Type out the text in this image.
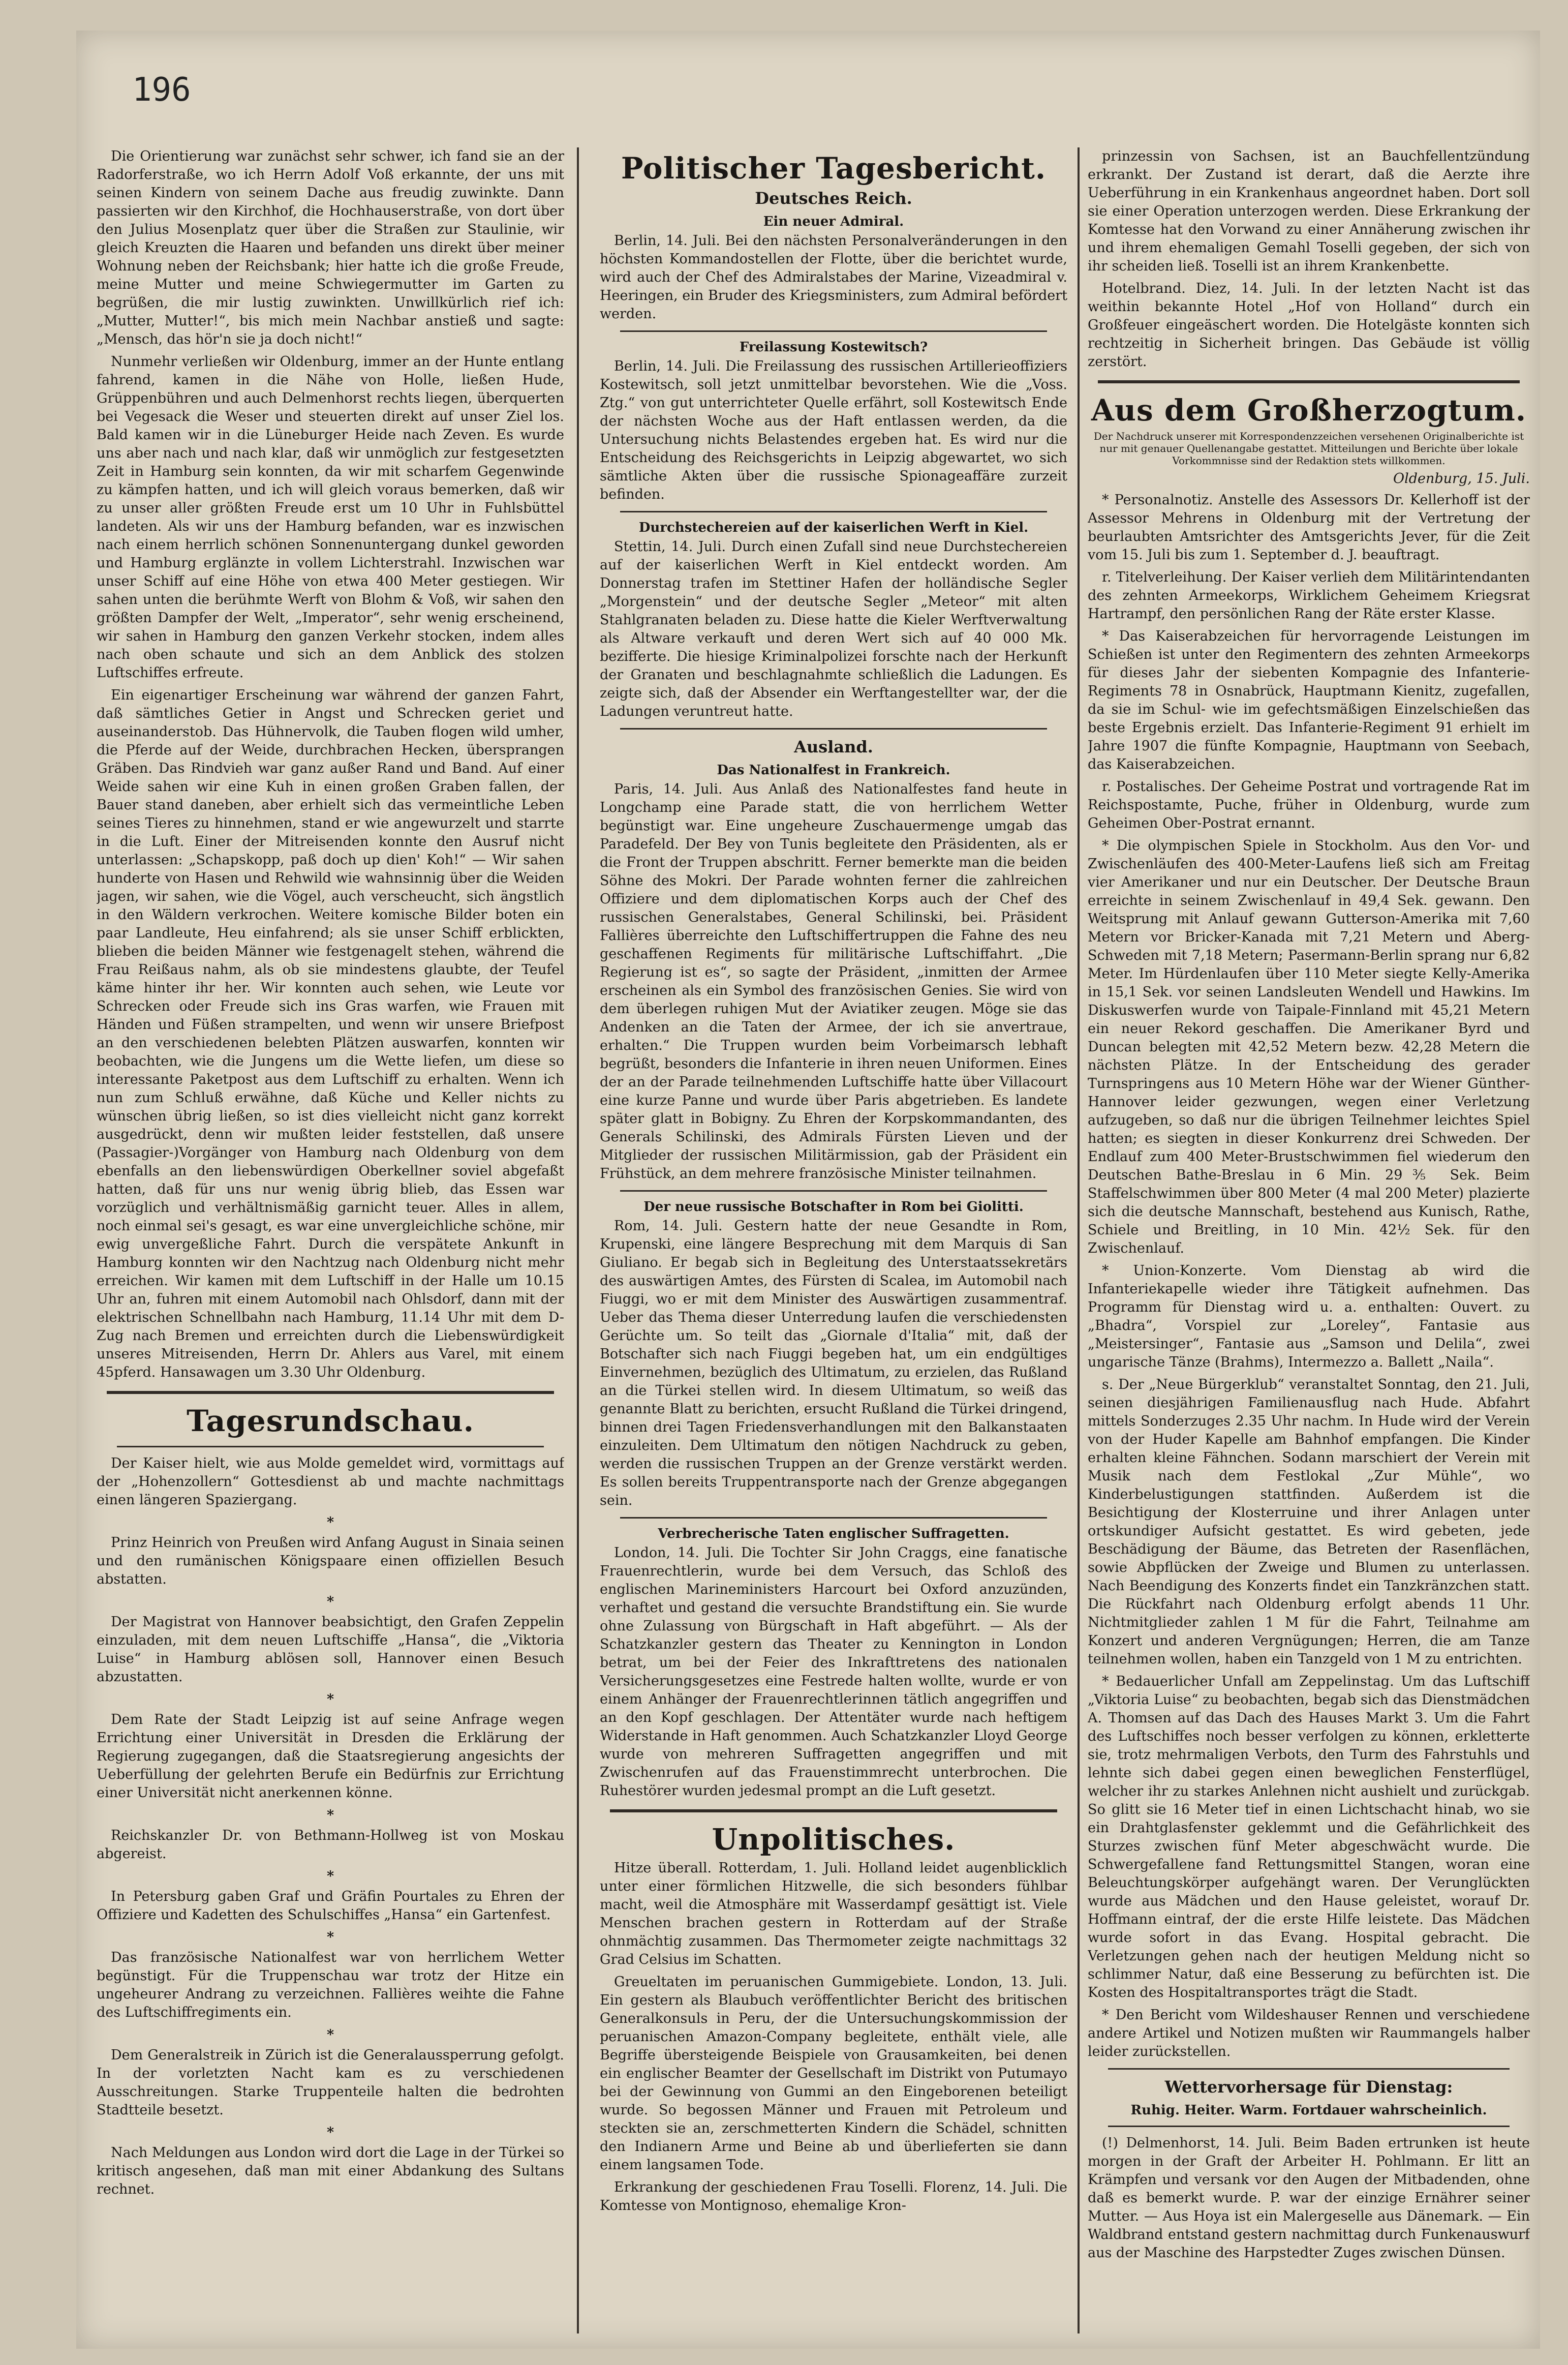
196

Die Orientierung war zunächst sehr schwer, ich fand sie an der Radorferstraße, wo ich Herrn Adolf Voß erkannte, der uns mit seinen Kindern von seinem Dache aus freudig zuwinkte. Dann passierten wir den Kirchhof, die Hochhauserstraße, von dort über den Julius Mosenplatz quer über die Straßen zur Staulinie, wir gleich Kreuzten die Haaren und befanden uns direkt über meiner Wohnung neben der Reichsbank; hier hatte ich die große Freude, meine Mutter und meine Schwiegermutter im Garten zu begrüßen, die mir lustig zuwinkten. Unwillkürlich rief ich: „Mutter, Mutter!“, bis mich mein Nachbar anstieß und sagte: „Mensch, das hör'n sie ja doch nicht!“

Nunmehr verließen wir Oldenburg, immer an der Hunte entlang fahrend, kamen in die Nähe von Holle, ließen Hude, Grüppenbühren und auch Delmenhorst rechts liegen, überquerten bei Vegesack die Weser und steuerten direkt auf unser Ziel los. Bald kamen wir in die Lüneburger Heide nach Zeven. Es wurde uns aber nach und nach klar, daß wir unmöglich zur festgesetzten Zeit in Hamburg sein konnten, da wir mit scharfem Gegenwinde zu kämpfen hatten, und ich will gleich voraus bemerken, daß wir zu unser aller größten Freude erst um 10 Uhr in Fuhlsbüttel landeten. Als wir uns der Hamburg befanden, war es inzwischen nach einem herrlich schönen Sonnenuntergang dunkel geworden und Hamburg erglänzte in vollem Lichterstrahl. Inzwischen war unser Schiff auf eine Höhe von etwa 400 Meter gestiegen. Wir sahen unten die berühmte Werft von Blohm & Voß, wir sahen den größten Dampfer der Welt, „Imperator“, sehr wenig erscheinend, wir sahen in Hamburg den ganzen Verkehr stocken, indem alles nach oben schaute und sich an dem Anblick des stolzen Luftschiffes erfreute.

Ein eigenartiger Erscheinung war während der ganzen Fahrt, daß sämtliches Getier in Angst und Schrecken geriet und auseinanderstob. Das Hühnervolk, die Tauben flogen wild umher, die Pferde auf der Weide, durchbrachen Hecken, übersprangen Gräben. Das Rindvieh war ganz außer Rand und Band. Auf einer Weide sahen wir eine Kuh in einen großen Graben fallen, der Bauer stand daneben, aber erhielt sich das vermeintliche Leben seines Tieres zu hinnehmen, stand er wie angewurzelt und starrte in die Luft. Einer der Mitreisenden konnte den Ausruf nicht unterlassen: „Schapskopp, paß doch up dien' Koh!“ — Wir sahen hunderte von Hasen und Rehwild wie wahnsinnig über die Weiden jagen, wir sahen, wie die Vögel, auch verscheucht, sich ängstlich in den Wäldern verkrochen. Weitere komische Bilder boten ein paar Landleute, Heu einfahrend; als sie unser Schiff erblickten, blieben die beiden Männer wie festgenagelt stehen, während die Frau Reißaus nahm, als ob sie mindestens glaubte, der Teufel käme hinter ihr her. Wir konnten auch sehen, wie Leute vor Schrecken oder Freude sich ins Gras warfen, wie Frauen mit Händen und Füßen strampelten, und wenn wir unsere Briefpost an den verschiedenen belebten Plätzen auswarfen, konnten wir beobachten, wie die Jungens um die Wette liefen, um diese so interessante Paketpost aus dem Luftschiff zu erhalten. Wenn ich nun zum Schluß erwähne, daß Küche und Keller nichts zu wünschen übrig ließen, so ist dies vielleicht nicht ganz korrekt ausgedrückt, denn wir mußten leider feststellen, daß unsere (Passagier-)Vorgänger von Hamburg nach Oldenburg von dem ebenfalls an den liebenswürdigen Oberkellner soviel abgefaßt hatten, daß für uns nur wenig übrig blieb, das Essen war vorzüglich und verhältnismäßig garnicht teuer. Alles in allem, noch einmal sei's gesagt, es war eine unvergleichliche schöne, mir ewig unvergeßliche Fahrt. Durch die verspätete Ankunft in Hamburg konnten wir den Nachtzug nach Oldenburg nicht mehr erreichen. Wir kamen mit dem Luftschiff in der Halle um 10.15 Uhr an, fuhren mit einem Automobil nach Ohlsdorf, dann mit der elektrischen Schnellbahn nach Hamburg, 11.14 Uhr mit dem D-Zug nach Bremen und erreichten durch die Liebenswürdigkeit unseres Mitreisenden, Herrn Dr. Ahlers aus Varel, mit einem 45pferd. Hansawagen um 3.30 Uhr Oldenburg.

Tagesrundschau.

Der Kaiser hielt, wie aus Molde gemeldet wird, vormittags auf der „Hohenzollern“ Gottesdienst ab und machte nachmittags einen längeren Spaziergang.

*

Prinz Heinrich von Preußen wird Anfang August in Sinaia seinen und den rumänischen Königspaare einen offiziellen Besuch abstatten.

*

Der Magistrat von Hannover beabsichtigt, den Grafen Zeppelin einzuladen, mit dem neuen Luftschiffe „Hansa“, die „Viktoria Luise“ in Hamburg ablösen soll, Hannover einen Besuch abzustatten.

*

Dem Rate der Stadt Leipzig ist auf seine Anfrage wegen Errichtung einer Universität in Dresden die Erklärung der Regierung zugegangen, daß die Staatsregierung angesichts der Ueberfüllung der gelehrten Berufe ein Bedürfnis zur Errichtung einer Universität nicht anerkennen könne.

*

Reichskanzler Dr. von Bethmann-Hollweg ist von Moskau abgereist.

*

In Petersburg gaben Graf und Gräfin Pourtales zu Ehren der Offiziere und Kadetten des Schulschiffes „Hansa“ ein Gartenfest.

*

Das französische Nationalfest war von herrlichem Wetter begünstigt. Für die Truppenschau war trotz der Hitze ein ungeheurer Andrang zu verzeichnen. Fallières weihte die Fahne des Luftschiffregiments ein.

*

Dem Generalstreik in Zürich ist die Generalaussperrung gefolgt. In der vorletzten Nacht kam es zu verschiedenen Ausschreitungen. Starke Truppenteile halten die bedrohten Stadtteile besetzt.

*

Nach Meldungen aus London wird dort die Lage in der Türkei so kritisch angesehen, daß man mit einer Abdankung des Sultans rechnet.

Politischer Tagesbericht.
Deutsches Reich.
Ein neuer Admiral.

Berlin, 14. Juli. Bei den nächsten Personalveränderungen in den höchsten Kommandostellen der Flotte, über die berichtet wurde, wird auch der Chef des Admiralstabes der Marine, Vizeadmiral v. Heeringen, ein Bruder des Kriegsministers, zum Admiral befördert werden.

Freilassung Kostewitsch?

Berlin, 14. Juli. Die Freilassung des russischen Artillerieoffiziers Kostewitsch, soll jetzt unmittelbar bevorstehen. Wie die „Voss. Ztg.“ von gut unterrichteter Quelle erfährt, soll Kostewitsch Ende der nächsten Woche aus der Haft entlassen werden, da die Untersuchung nichts Belastendes ergeben hat. Es wird nur die Entscheidung des Reichsgerichts in Leipzig abgewartet, wo sich sämtliche Akten über die russische Spionageaffäre zurzeit befinden.

Durchstechereien auf der kaiserlichen Werft in Kiel.

Stettin, 14. Juli. Durch einen Zufall sind neue Durchstechereien auf der kaiserlichen Werft in Kiel entdeckt worden. Am Donnerstag trafen im Stettiner Hafen der holländische Segler „Morgenstein“ und der deutsche Segler „Meteor“ mit alten Stahlgranaten beladen zu. Diese hatte die Kieler Werftverwaltung als Altware verkauft und deren Wert sich auf 40 000 Mk. bezifferte. Die hiesige Kriminalpolizei forschte nach der Herkunft der Granaten und beschlagnahmte schließlich die Ladungen. Es zeigte sich, daß der Absender ein Werftangestellter war, der die Ladungen veruntreut hatte.

Ausland.
Das Nationalfest in Frankreich.

Paris, 14. Juli. Aus Anlaß des Nationalfestes fand heute in Longchamp eine Parade statt, die von herrlichem Wetter begünstigt war. Eine ungeheure Zuschauermenge umgab das Paradefeld. Der Bey von Tunis begleitete den Präsidenten, als er die Front der Truppen abschritt. Ferner bemerkte man die beiden Söhne des Mokri. Der Parade wohnten ferner die zahlreichen Offiziere und dem diplomatischen Korps auch der Chef des russischen Generalstabes, General Schilinski, bei. Präsident Fallières überreichte den Luftschiffertruppen die Fahne des neu geschaffenen Regiments für militärische Luftschiffahrt. „Die Regierung ist es“, so sagte der Präsident, „inmitten der Armee erscheinen als ein Symbol des französischen Genies. Sie wird von dem überlegen ruhigen Mut der Aviatiker zeugen. Möge sie das Andenken an die Taten der Armee, der ich sie anvertraue, erhalten.“ Die Truppen wurden beim Vorbeimarsch lebhaft begrüßt, besonders die Infanterie in ihren neuen Uniformen. Eines der an der Parade teilnehmenden Luftschiffe hatte über Villacourt eine kurze Panne und wurde über Paris abgetrieben. Es landete später glatt in Bobigny. Zu Ehren der Korpskommandanten, des Generals Schilinski, des Admirals Fürsten Lieven und der Mitglieder der russischen Militärmission, gab der Präsident ein Frühstück, an dem mehrere französische Minister teilnahmen.

Der neue russische Botschafter in Rom bei Giolitti.

Rom, 14. Juli. Gestern hatte der neue Gesandte in Rom, Krupenski, eine längere Besprechung mit dem Marquis di San Giuliano. Er begab sich in Begleitung des Unterstaatssekretärs des auswärtigen Amtes, des Fürsten di Scalea, im Automobil nach Fiuggi, wo er mit dem Minister des Auswärtigen zusammentraf. Ueber das Thema dieser Unterredung laufen die verschiedensten Gerüchte um. So teilt das „Giornale d'Italia“ mit, daß der Botschafter sich nach Fiuggi begeben hat, um ein endgültiges Einvernehmen, bezüglich des Ultimatum, zu erzielen, das Rußland an die Türkei stellen wird. In diesem Ultimatum, so weiß das genannte Blatt zu berichten, ersucht Rußland die Türkei dringend, binnen drei Tagen Friedensverhandlungen mit den Balkanstaaten einzuleiten. Dem Ultimatum den nötigen Nachdruck zu geben, werden die russischen Truppen an der Grenze verstärkt werden. Es sollen bereits Truppentransporte nach der Grenze abgegangen sein.

Verbrecherische Taten englischer Suffragetten.

London, 14. Juli. Die Tochter Sir John Craggs, eine fanatische Frauenrechtlerin, wurde bei dem Versuch, das Schloß des englischen Marineministers Harcourt bei Oxford anzuzünden, verhaftet und gestand die versuchte Brandstiftung ein. Sie wurde ohne Zulassung von Bürgschaft in Haft abgeführt. — Als der Schatzkanzler gestern das Theater zu Kennington in London betrat, um bei der Feier des Inkrafttretens des nationalen Versicherungsgesetzes eine Festrede halten wollte, wurde er von einem Anhänger der Frauenrechtlerinnen tätlich angegriffen und an den Kopf geschlagen. Der Attentäter wurde nach heftigem Widerstande in Haft genommen. Auch Schatzkanzler Lloyd George wurde von mehreren Suffragetten angegriffen und mit Zwischenrufen auf das Frauenstimmrecht unterbrochen. Die Ruhestörer wurden jedesmal prompt an die Luft gesetzt.

Unpolitisches.

Hitze überall. Rotterdam, 1. Juli. Holland leidet augenblicklich unter einer förmlichen Hitzwelle, die sich besonders fühlbar macht, weil die Atmosphäre mit Wasserdampf gesättigt ist. Viele Menschen brachen gestern in Rotterdam auf der Straße ohnmächtig zusammen. Das Thermometer zeigte nachmittags 32 Grad Celsius im Schatten.

Greueltaten im peruanischen Gummigebiete. London, 13. Juli. Ein gestern als Blaubuch veröffentlichter Bericht des britischen Generalkonsuls in Peru, der die Untersuchungskommission der peruanischen Amazon-Company begleitete, enthält viele, alle Begriffe übersteigende Beispiele von Grausamkeiten, bei denen ein englischer Beamter der Gesellschaft im Distrikt von Putumayo bei der Gewinnung von Gummi an den Eingeborenen beteiligt wurde. So begossen Männer und Frauen mit Petroleum und steckten sie an, zerschmetterten Kindern die Schädel, schnitten den Indianern Arme und Beine ab und überlieferten sie dann einem langsamen Tode.

Erkrankung der geschiedenen Frau Toselli. Florenz, 14. Juli. Die Komtesse von Montignoso, ehemalige Kron-

prinzessin von Sachsen, ist an Bauchfellentzündung erkrankt. Der Zustand ist derart, daß die Aerzte ihre Ueberführung in ein Krankenhaus angeordnet haben. Dort soll sie einer Operation unterzogen werden. Diese Erkrankung der Komtesse hat den Vorwand zu einer Annäherung zwischen ihr und ihrem ehemaligen Gemahl Toselli gegeben, der sich von ihr scheiden ließ. Toselli ist an ihrem Krankenbette.

Hotelbrand. Diez, 14. Juli. In der letzten Nacht ist das weithin bekannte Hotel „Hof von Holland“ durch ein Großfeuer eingeäschert worden. Die Hotelgäste konnten sich rechtzeitig in Sicherheit bringen. Das Gebäude ist völlig zerstört.

Aus dem Großherzogtum.
Der Nachdruck unserer mit Korrespondenzzeichen versehenen Originalberichte ist nur mit genauer Quellenangabe gestattet. Mitteilungen und Berichte über lokale Vorkommnisse sind der Redaktion stets willkommen.
Oldenburg, 15. Juli.

* Personalnotiz. Anstelle des Assessors Dr. Kellerhoff ist der Assessor Mehrens in Oldenburg mit der Vertretung der beurlaubten Amtsrichter des Amtsgerichts Jever, für die Zeit vom 15. Juli bis zum 1. September d. J. beauftragt.

r. Titelverleihung. Der Kaiser verlieh dem Militärintendanten des zehnten Armeekorps, Wirklichem Geheimem Kriegsrat Hartrampf, den persönlichen Rang der Räte erster Klasse.

* Das Kaiserabzeichen für hervorragende Leistungen im Schießen ist unter den Regimentern des zehnten Armeekorps für dieses Jahr der siebenten Kompagnie des Infanterie-Regiments 78 in Osnabrück, Hauptmann Kienitz, zugefallen, da sie im Schul- wie im gefechtsmäßigen Einzelschießen das beste Ergebnis erzielt. Das Infanterie-Regiment 91 erhielt im Jahre 1907 die fünfte Kompagnie, Hauptmann von Seebach, das Kaiserabzeichen.

r. Postalisches. Der Geheime Postrat und vortragende Rat im Reichspostamte, Puche, früher in Oldenburg, wurde zum Geheimen Ober-Postrat ernannt.

* Die olympischen Spiele in Stockholm. Aus den Vor- und Zwischenläufen des 400-Meter-Laufens ließ sich am Freitag vier Amerikaner und nur ein Deutscher. Der Deutsche Braun erreichte in seinem Zwischenlauf in 49,4 Sek. gewann. Den Weitsprung mit Anlauf gewann Gutterson-Amerika mit 7,60 Metern vor Bricker-Kanada mit 7,21 Metern und Aberg-Schweden mit 7,18 Metern; Pasermann-Berlin sprang nur 6,82 Meter. Im Hürdenlaufen über 110 Meter siegte Kelly-Amerika in 15,1 Sek. vor seinen Landsleuten Wendell und Hawkins. Im Diskuswerfen wurde von Taipale-Finnland mit 45,21 Metern ein neuer Rekord geschaffen. Die Amerikaner Byrd und Duncan belegten mit 42,52 Metern bezw. 42,28 Metern die nächsten Plätze. In der Entscheidung des gerader Turnspringens aus 10 Metern Höhe war der Wiener Günther-Hannover leider gezwungen, wegen einer Verletzung aufzugeben, so daß nur die übrigen Teilnehmer leichtes Spiel hatten; es siegten in dieser Konkurrenz drei Schweden. Der Endlauf zum 400 Meter-Brustschwimmen fiel wiederum den Deutschen Bathe-Breslau in 6 Min. 29⅗ Sek. Beim Staffelschwimmen über 800 Meter (4 mal 200 Meter) plazierte sich die deutsche Mannschaft, bestehend aus Kunisch, Rathe, Schiele und Breitling, in 10 Min. 42½ Sek. für den Zwischenlauf.

* Union-Konzerte. Vom Dienstag ab wird die Infanteriekapelle wieder ihre Tätigkeit aufnehmen. Das Programm für Dienstag wird u. a. enthalten: Ouvert. zu „Bhadra“, Vorspiel zur „Loreley“, Fantasie aus „Meistersinger“, Fantasie aus „Samson und Delila“, zwei ungarische Tänze (Brahms), Intermezzo a. Ballett „Naila“.

s. Der „Neue Bürgerklub“ veranstaltet Sonntag, den 21. Juli, seinen diesjährigen Familienausflug nach Hude. Abfahrt mittels Sonderzuges 2.35 Uhr nachm. In Hude wird der Verein von der Huder Kapelle am Bahnhof empfangen. Die Kinder erhalten kleine Fähnchen. Sodann marschiert der Verein mit Musik nach dem Festlokal „Zur Mühle“, wo Kinderbelustigungen stattfinden. Außerdem ist die Besichtigung der Klosterruine und ihrer Anlagen unter ortskundiger Aufsicht gestattet. Es wird gebeten, jede Beschädigung der Bäume, das Betreten der Rasenflächen, sowie Abpflücken der Zweige und Blumen zu unterlassen. Nach Beendigung des Konzerts findet ein Tanzkränzchen statt. Die Rückfahrt nach Oldenburg erfolgt abends 11 Uhr. Nichtmitglieder zahlen 1 M für die Fahrt, Teilnahme am Konzert und anderen Vergnügungen; Herren, die am Tanze teilnehmen wollen, haben ein Tanzgeld von 1 M zu entrichten.

* Bedauerlicher Unfall am Zeppelinstag. Um das Luftschiff „Viktoria Luise“ zu beobachten, begab sich das Dienstmädchen A. Thomsen auf das Dach des Hauses Markt 3. Um die Fahrt des Luftschiffes noch besser verfolgen zu können, erkletterte sie, trotz mehrmaligen Verbots, den Turm des Fahrstuhls und lehnte sich dabei gegen einen beweglichen Fensterflügel, welcher ihr zu starkes Anlehnen nicht aushielt und zurückgab. So glitt sie 16 Meter tief in einen Lichtschacht hinab, wo sie ein Drahtglasfenster geklemmt und die Gefährlichkeit des Sturzes zwischen fünf Meter abgeschwächt wurde. Die Schwergefallene fand Rettungsmittel Stangen, woran eine Beleuchtungskörper aufgehängt waren. Der Verunglückten wurde aus Mädchen und den Hause geleistet, worauf Dr. Hoffmann eintraf, der die erste Hilfe leistete. Das Mädchen wurde sofort in das Evang. Hospital gebracht. Die Verletzungen gehen nach der heutigen Meldung nicht so schlimmer Natur, daß eine Besserung zu befürchten ist. Die Kosten des Hospitaltransportes trägt die Stadt.

* Den Bericht vom Wildeshauser Rennen und verschiedene andere Artikel und Notizen mußten wir Raummangels halber leider zurückstellen.

Wettervorhersage für Dienstag:
Ruhig. Heiter. Warm. Fortdauer wahrscheinlich.

(!) Delmenhorst, 14. Juli. Beim Baden ertrunken ist heute morgen in der Graft der Arbeiter H. Pohlmann. Er litt an Krämpfen und versank vor den Augen der Mitbadenden, ohne daß es bemerkt wurde. P. war der einzige Ernährer seiner Mutter. — Aus Hoya ist ein Malergeselle aus Dänemark. — Ein Waldbrand entstand gestern nachmittag durch Funkenauswurf aus der Maschine des Harpstedter Zuges zwischen Dünsen.
